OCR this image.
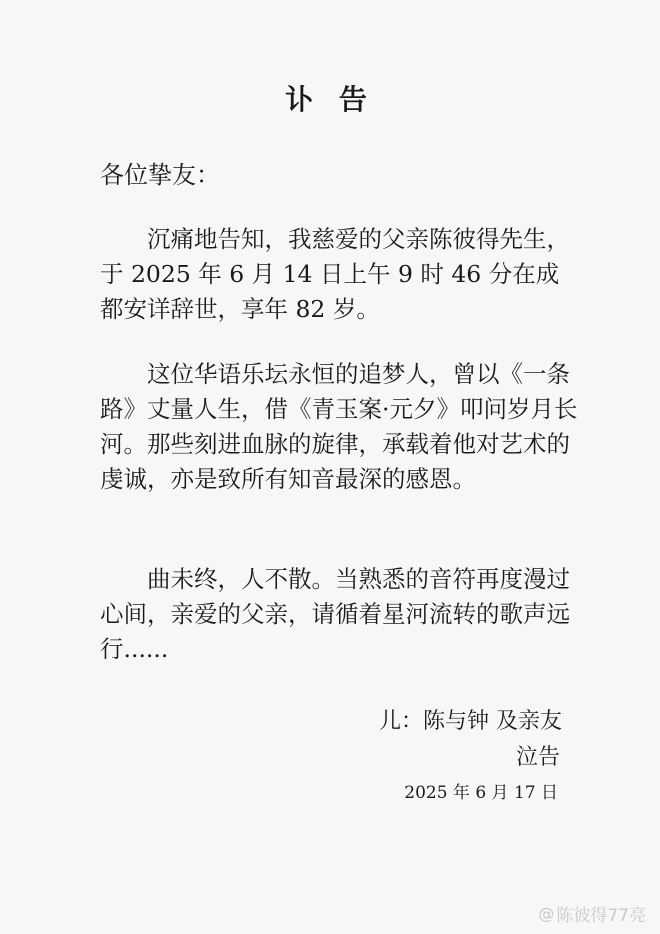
讣 告
各位挚友：
沉痛地告知，我慈爱的父亲陈彼得先生，于 2025 年 6 月 14 日上午 9 时 46 分在成都安详辞世，享年 82 岁。
这位华语乐坛永恒的追梦人，曾以《一条路》丈量人生，借《青玉案·元夕》叩问岁月长河。那些刻进血脉的旋律，承载着他对艺术的虔诚，亦是致所有知音最深的感恩。
曲未终，人不散。当熟悉的音符再度漫过心间，亲爱的父亲，请循着星河流转的歌声远行......
儿：陈与钟 及亲友
泣告
2025 年 6 月 17 日
@ 陈彼得77亮
